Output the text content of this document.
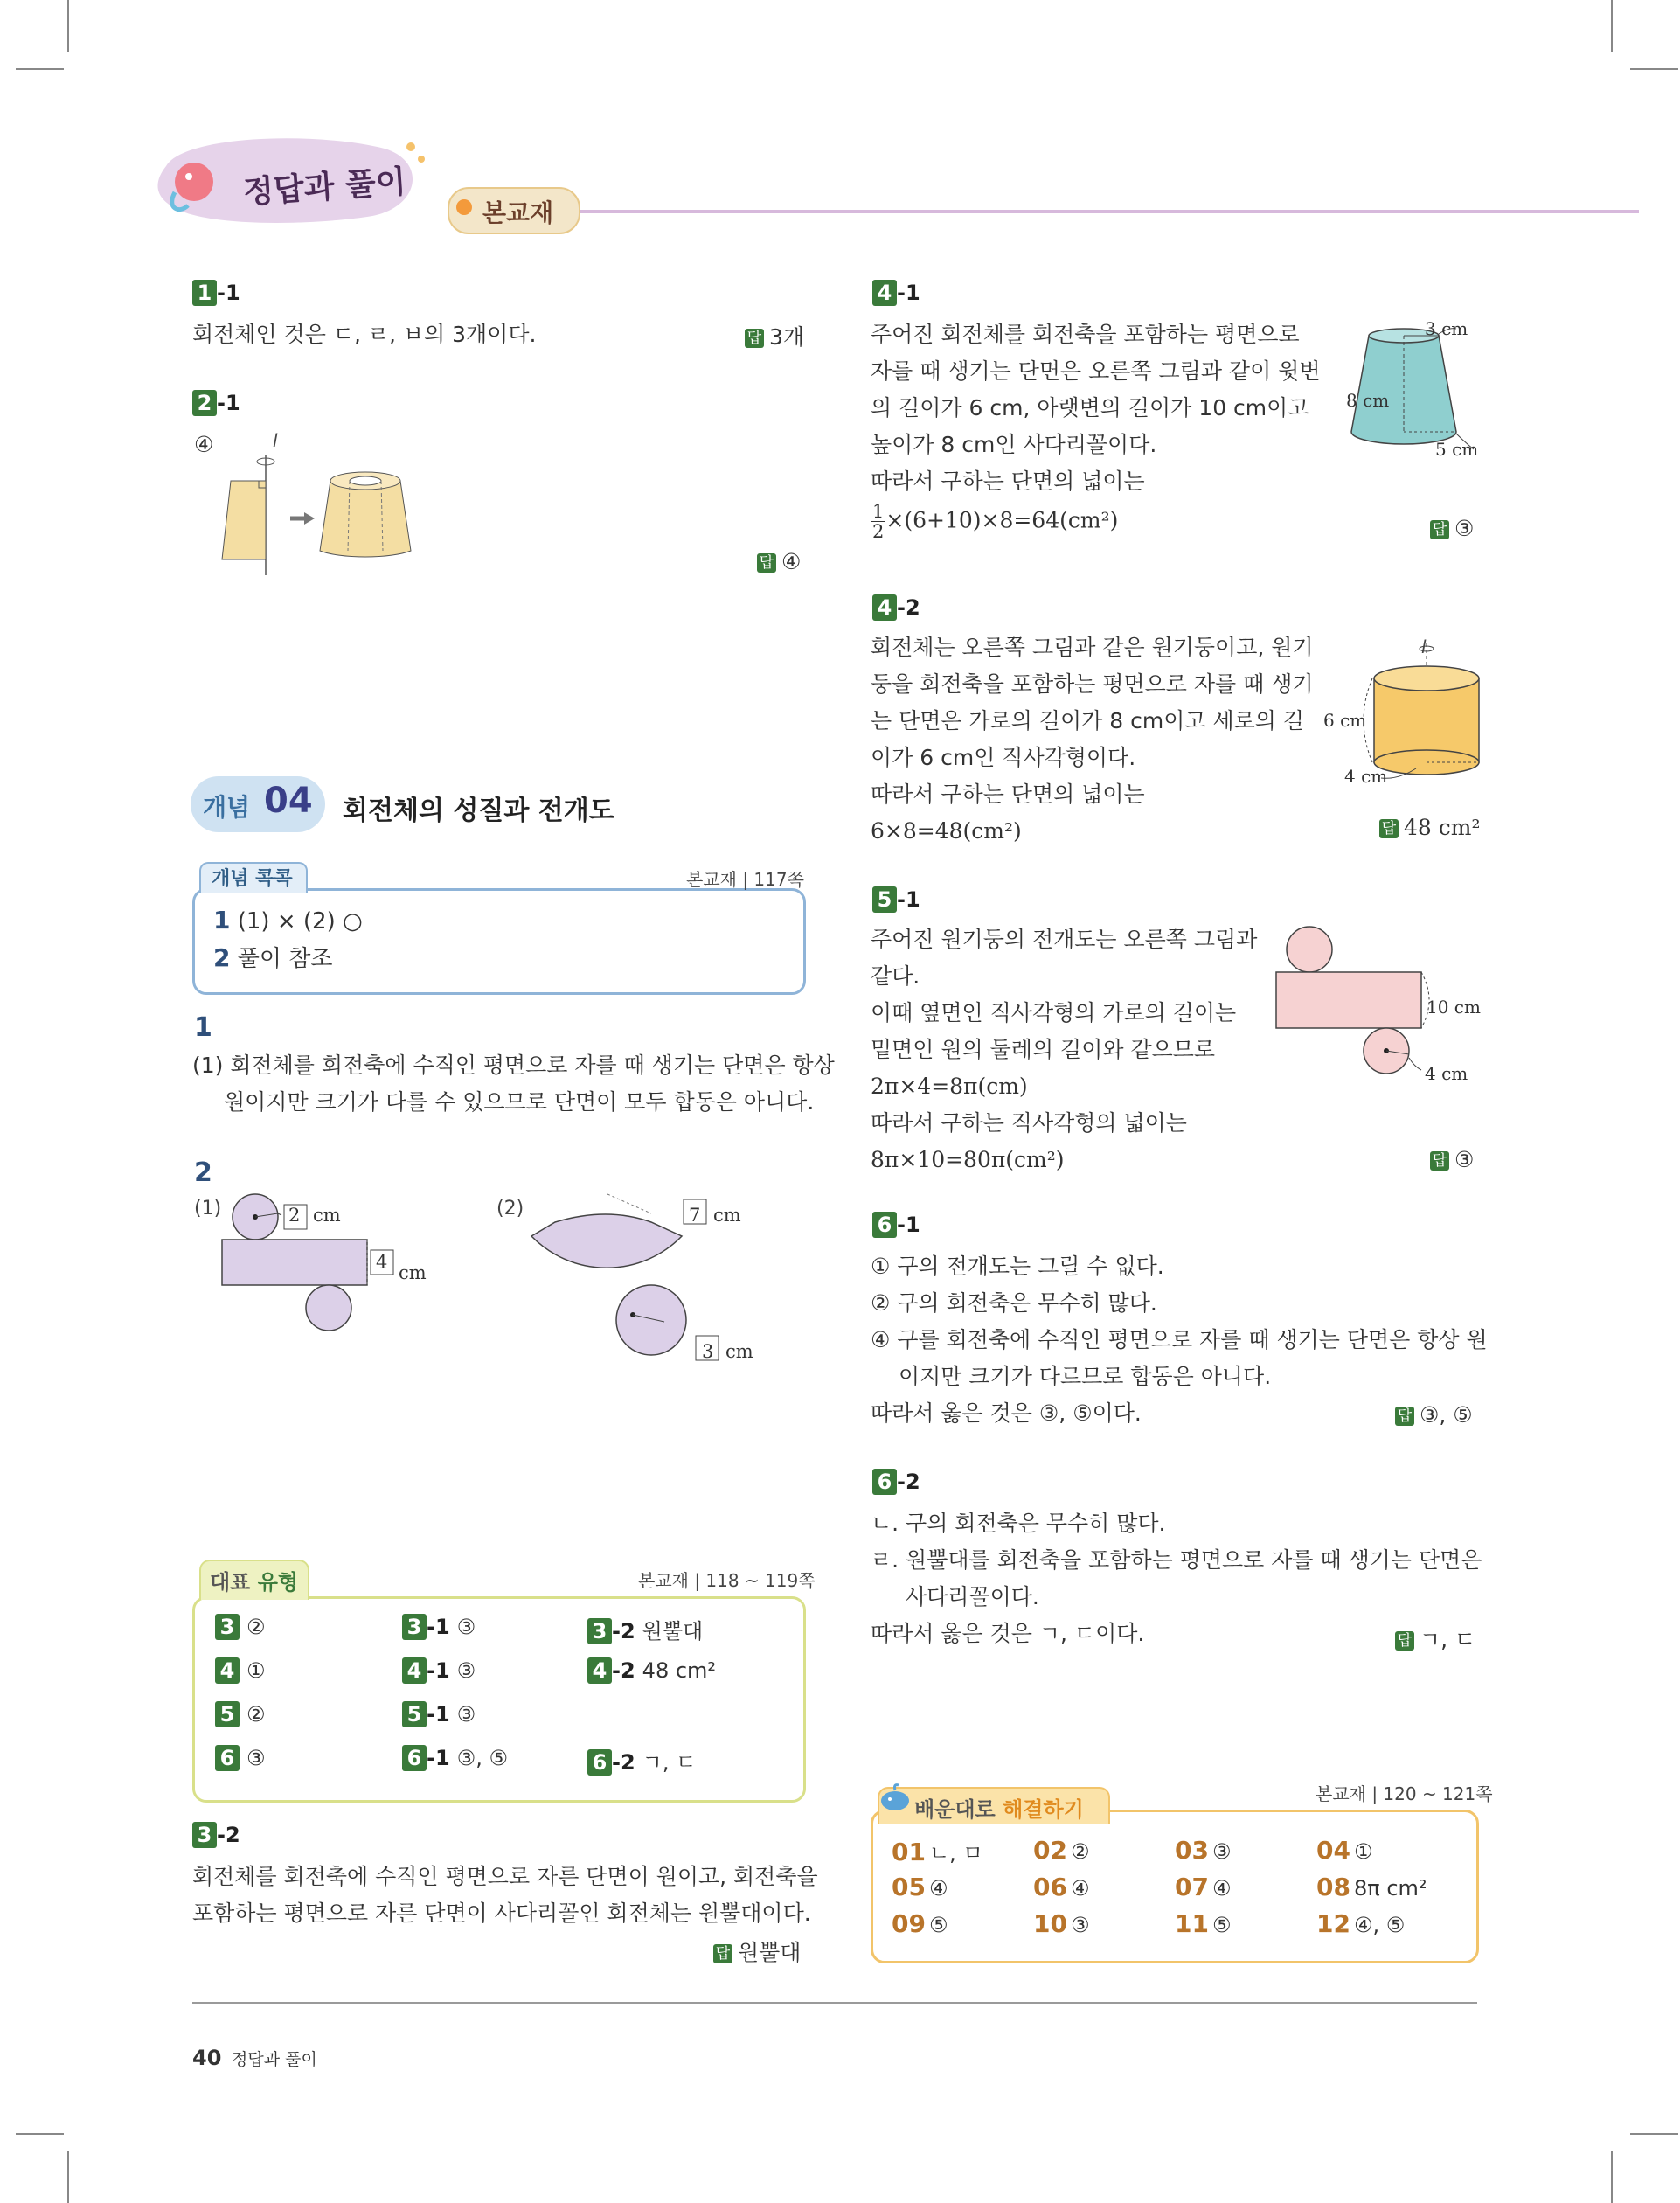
정답과 풀이
본교재
1 -1
회전체인 것은 ㄷ, ㄹ, ㅂ의 3개이다.	답 3개
2 -1
④	l
답 ④
개념 04 회전체의 성질과 전개도
개념 콕콕	본교재 | 117쪽
1 (1) × (2) ○
2 풀이 참조
1
(1) 회전체를 회전축에 수직인 평면으로 자를 때 생기는 단면은 항상
원이지만 크기가 다를 수 있으므로 단면이 모두 합동은 아니다.
2
(1)	(2)
2 cm
4 cm
7 cm
3 cm
대표 유형	본교재 | 118 ~ 119쪽
3 ②	3 -1 ③	3 -2 원뿔대
4 ①	4 -1 ③	4 -2 48 cm²
5 ②	5 -1 ③
6 ③	6 -1 ③, ⑤	6 -2 ㄱ, ㄷ
3 -2
회전체를 회전축에 수직인 평면으로 자른 단면이 원이고, 회전축을
포함하는 평면으로 자른 단면이 사다리꼴인 회전체는 원뿔대이다.
답 원뿔대
4 -1
주어진 회전체를 회전축을 포함하는 평면으로
자를 때 생기는 단면은 오른쪽 그림과 같이 윗변
의 길이가 6 cm, 아랫변의 길이가 10 cm이고
높이가 8 cm인 사다리꼴이다.
따라서 구하는 단면의 넓이는
$\frac{1}{2} \times(6+10)\times 8=64(cm^2)$	답 ③
3 cm
8 cm
5 cm
4 -2
회전체는 오른쪽 그림과 같은 원기둥이고, 원기
둥을 회전축을 포함하는 평면으로 자를 때 생기
는 단면은 가로의 길이가 8 cm이고 세로의 길
이가 6 cm인 직사각형이다.
따라서 구하는 단면의 넓이는
6×8=48(cm²)	답 48 cm²
l
6 cm
4 cm
5 -1
주어진 원기둥의 전개도는 오른쪽 그림과
같다.
이때 옆면인 직사각형의 가로의 길이는
밑면인 원의 둘레의 길이와 같으므로
2π×4=8π(cm)
따라서 구하는 직사각형의 넓이는
8π×10=80π(cm²)	답 ③
10 cm
4 cm
6 -1
① 구의 전개도는 그릴 수 없다.
② 구의 회전축은 무수히 많다.
④ 구를 회전축에 수직인 평면으로 자를 때 생기는 단면은 항상 원
이지만 크기가 다르므로 합동은 아니다.
따라서 옳은 것은 ③, ⑤이다.	답 ③, ⑤
6 -2
ㄴ. 구의 회전축은 무수히 많다.
ㄹ. 원뿔대를 회전축을 포함하는 평면으로 자를 때 생기는 단면은
사다리꼴이다.
따라서 옳은 것은 ㄱ, ㄷ이다.	답 ㄱ, ㄷ
배운대로 해결하기
본교재 | 120 ~ 121쪽
01 ㄴ, ㅁ 02 ②	03 ③	04 ①
05 ④	06 ④	07 ④	08 8π cm²
09 ⑤	10 ③	11 ⑤	12 ④, ⑤
40 정답과 풀이
